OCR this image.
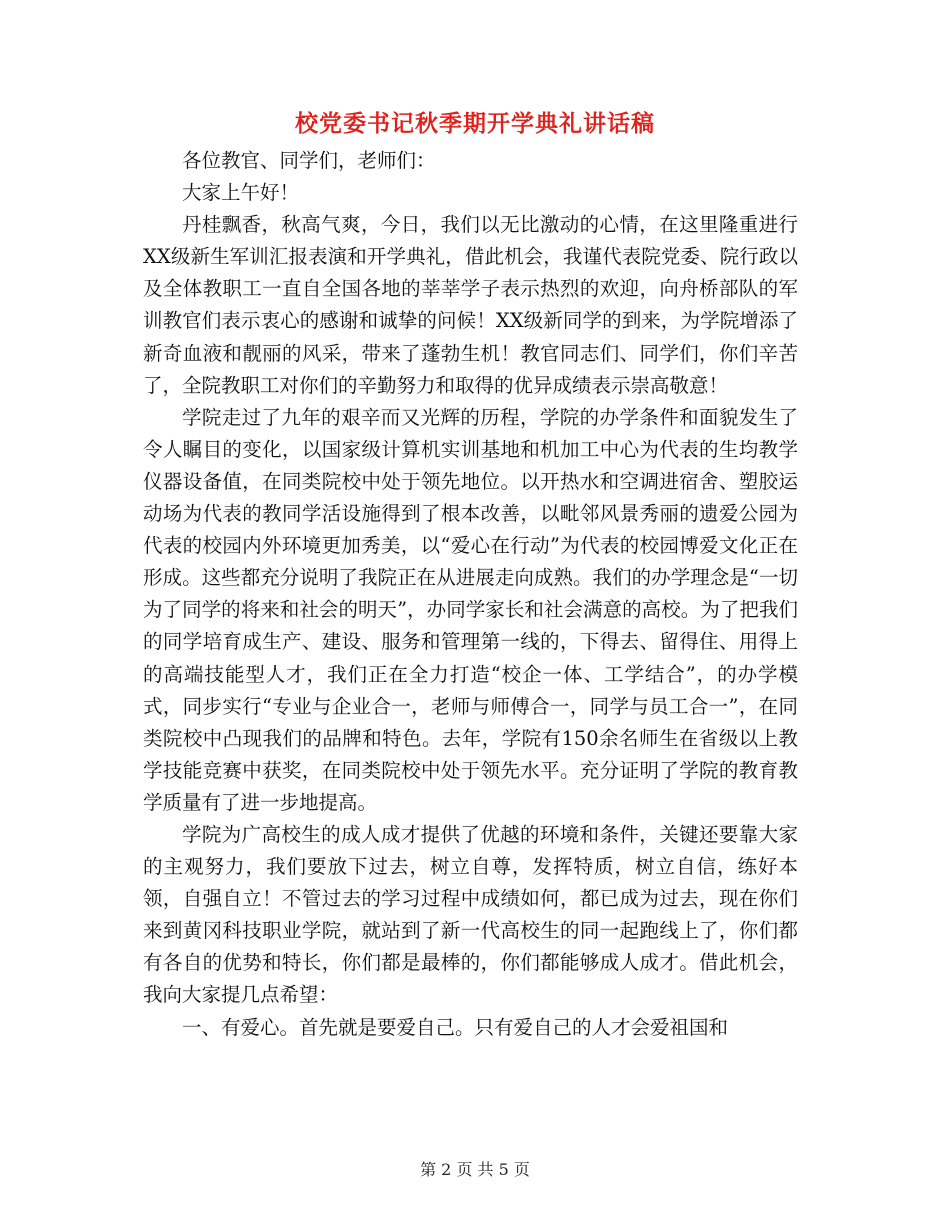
校党委书记秋季期开学典礼讲话稿

各位教官、同学们，老师们：

大家上午好！

丹桂飘香，秋高气爽，今日，我们以无比激动的心情，在这里隆重进行XX级新生军训汇报表演和开学典礼，借此机会，我谨代表院党委、院行政以及全体教职工一直自全国各地的莘莘学子表示热烈的欢迎，向舟桥部队的军训教官们表示衷心的感谢和诚挚的问候！XX级新同学的到来，为学院增添了新奇血液和靓丽的风采，带来了蓬勃生机！教官同志们、同学们，你们辛苦了，全院教职工对你们的辛勤努力和取得的优异成绩表示崇高敬意！

学院走过了九年的艰辛而又光辉的历程，学院的办学条件和面貌发生了令人瞩目的变化，以国家级计算机实训基地和机加工中心为代表的生均教学仪器设备值，在同类院校中处于领先地位。以开热水和空调进宿舍、塑胶运动场为代表的教同学活设施得到了根本改善，以毗邻风景秀丽的遗爱公园为代表的校园内外环境更加秀美，以“爱心在行动”为代表的校园博爱文化正在形成。这些都充分说明了我院正在从进展走向成熟。我们的办学理念是“一切为了同学的将来和社会的明天”，办同学家长和社会满意的高校。为了把我们的同学培育成生产、建设、服务和管理第一线的，下得去、留得住、用得上的高端技能型人才，我们正在全力打造“校企一体、工学结合”，的办学模式，同步实行“专业与企业合一，老师与师傅合一，同学与员工合一”，在同类院校中凸现我们的品牌和特色。去年，学院有150余名师生在省级以上教学技能竞赛中获奖，在同类院校中处于领先水平。充分证明了学院的教育教学质量有了进一步地提高。

学院为广高校生的成人成才提供了优越的环境和条件，关键还要靠大家的主观努力，我们要放下过去，树立自尊，发挥特质，树立自信，练好本领，自强自立！不管过去的学习过程中成绩如何，都已成为过去，现在你们来到黄冈科技职业学院，就站到了新一代高校生的同一起跑线上了，你们都有各自的优势和特长，你们都是最棒的，你们都能够成人成才。借此机会，我向大家提几点希望：

一、有爱心。首先就是要爱自己。只有爱自己的人才会爱祖国和

第 2 页 共 5 页
